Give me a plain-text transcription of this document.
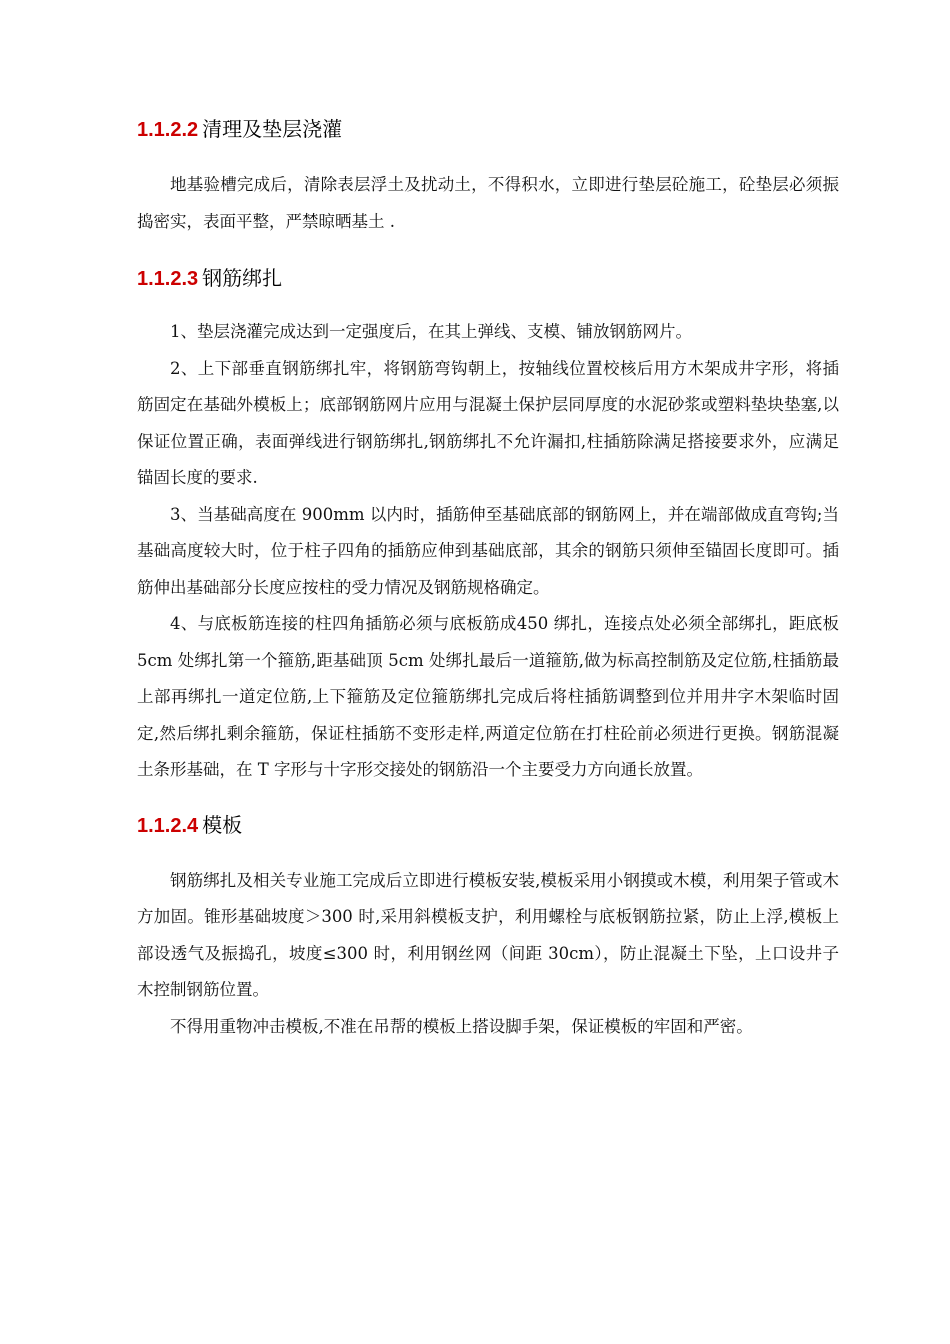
1.1.2.2 清理及垫层浇灌

地基验槽完成后，清除表层浮土及扰动土，不得积水，立即进行垫层砼施工，砼垫层必须振捣密实，表面平整，严禁晾晒基土 .

1.1.2.3 钢筋绑扎

1、垫层浇灌完成达到一定强度后，在其上弹线、支模、铺放钢筋网片。

2、上下部垂直钢筋绑扎牢，将钢筋弯钩朝上，按轴线位置校核后用方木架成井字形，将插筋固定在基础外模板上；底部钢筋网片应用与混凝土保护层同厚度的水泥砂浆或塑料垫块垫塞,以保证位置正确，表面弹线进行钢筋绑扎,钢筋绑扎不允许漏扣,柱插筋除满足搭接要求外，应满足锚固长度的要求.

3、当基础高度在 900mm 以内时，插筋伸至基础底部的钢筋网上，并在端部做成直弯钩;当基础高度较大时，位于柱子四角的插筋应伸到基础底部，其余的钢筋只须伸至锚固长度即可。插筋伸出基础部分长度应按柱的受力情况及钢筋规格确定。

4、与底板筋连接的柱四角插筋必须与底板筋成450 绑扎，连接点处必须全部绑扎，距底板 5cm 处绑扎第一个箍筋,距基础顶 5cm 处绑扎最后一道箍筋,做为标高控制筋及定位筋,柱插筋最上部再绑扎一道定位筋,上下箍筋及定位箍筋绑扎完成后将柱插筋调整到位并用井字木架临时固定,然后绑扎剩余箍筋，保证柱插筋不变形走样,两道定位筋在打柱砼前必须进行更换。钢筋混凝土条形基础，在 T 字形与十字形交接处的钢筋沿一个主要受力方向通长放置。

1.1.2.4 模板

钢筋绑扎及相关专业施工完成后立即进行模板安装,模板采用小钢摸或木模，利用架子管或木方加固。锥形基础坡度＞300 时,采用斜模板支护，利用螺栓与底板钢筋拉紧，防止上浮,模板上部设透气及振捣孔，坡度≤300 时，利用钢丝网（间距 30cm），防止混凝土下坠，上口设井子木控制钢筋位置。

不得用重物冲击模板,不准在吊帮的模板上搭设脚手架，保证模板的牢固和严密。
